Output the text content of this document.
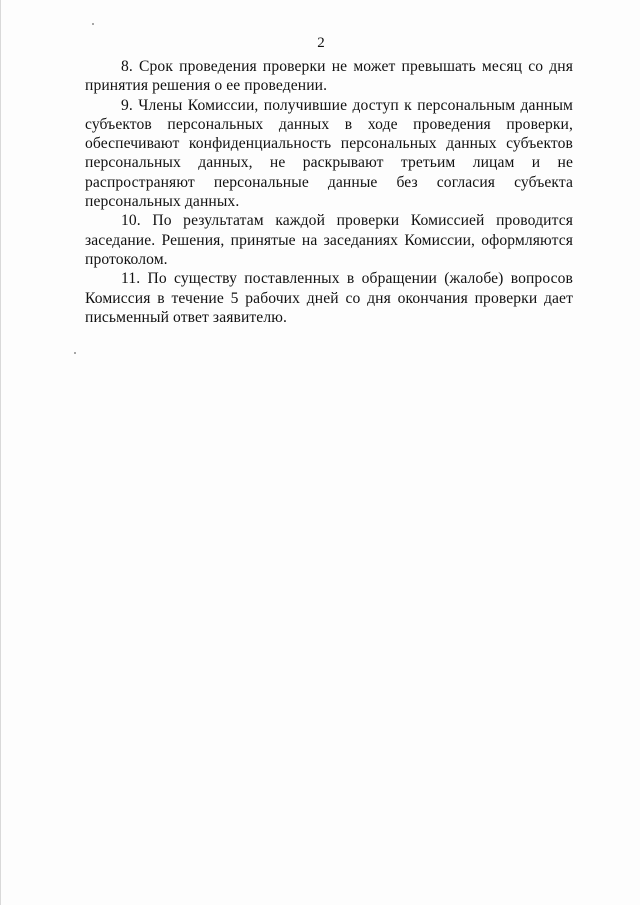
2

8. Срок проведения проверки не может превышать месяц со дня принятия решения о ее проведении.

9. Члены Комиссии, получившие доступ к персональным данным субъектов персональных данных в ходе проведения проверки, обеспечивают конфиденциальность персональных данных субъектов персональных данных, не раскрывают третьим лицам и не распространяют персональные данные без согласия субъекта персональных данных.

10. По результатам каждой проверки Комиссией проводится заседание. Решения, принятые на заседаниях Комиссии, оформляются протоколом.

11. По существу поставленных в обращении (жалобе) вопросов Комиссия в течение 5 рабочих дней со дня окончания проверки дает письменный ответ заявителю.
